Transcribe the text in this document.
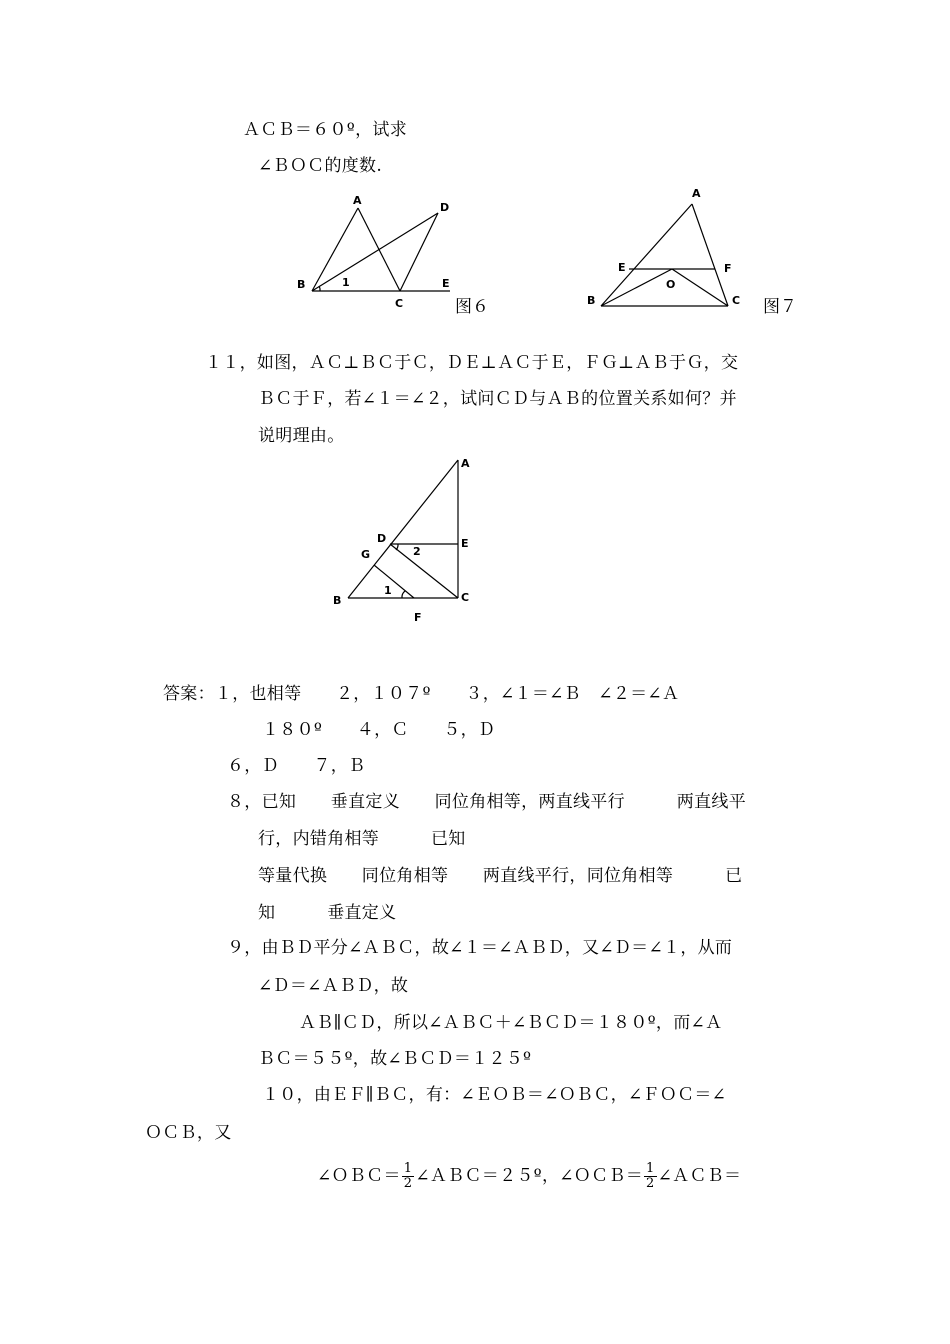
ＡＣＢ＝６０º，试求
∠ＢＯＣ的度数.
A
D
B	1
C
E
图６
A
E	F
O
B	C 图７
１１，如图，ＡＣ⊥ＢＣ于Ｃ，ＤＥ⊥ＡＣ于Ｅ，ＦＧ⊥ＡＢ于Ｇ，交
ＢＣ于Ｆ，若∠１＝∠２，试问ＣＤ与ＡＢ的位置关系如何？并
说明理由。
A
D	E
G	2
1
B	C
F
答案：１，也相等　　２，１０７º　　３，∠１＝∠Ｂ　∠２＝∠Ａ
１８０º　　４，Ｃ　　５，Ｄ
６，Ｄ　　７，Ｂ
８，已知　　垂直定义　　同位角相等，两直线平行　　　两直线平
行，内错角相等　　　已知
等量代换　　同位角相等　　两直线平行，同位角相等　　　已
知　　　垂直定义
９，由ＢＤ平分∠ＡＢＣ，故∠１＝∠ＡＢＤ，又∠Ｄ＝∠１，从而
∠Ｄ＝∠ＡＢＤ，故
ＡＢ∥ＣＤ，所以∠ＡＢＣ＋∠ＢＣＤ＝１８０º，而∠Ａ
ＢＣ＝５５º，故∠ＢＣＤ＝１２５º
１０，由ＥＦ∥ＢＣ，有：∠ＥＯＢ＝∠ＯＢＣ，∠ＦＯＣ＝∠
ＯＣＢ，又
∠ＯＢＣ＝ $\frac{1}{2}$ ∠ＡＢＣ＝２５º，∠ＯＣＢ＝ $\frac{1}{2}$ ∠ＡＣＢ＝
